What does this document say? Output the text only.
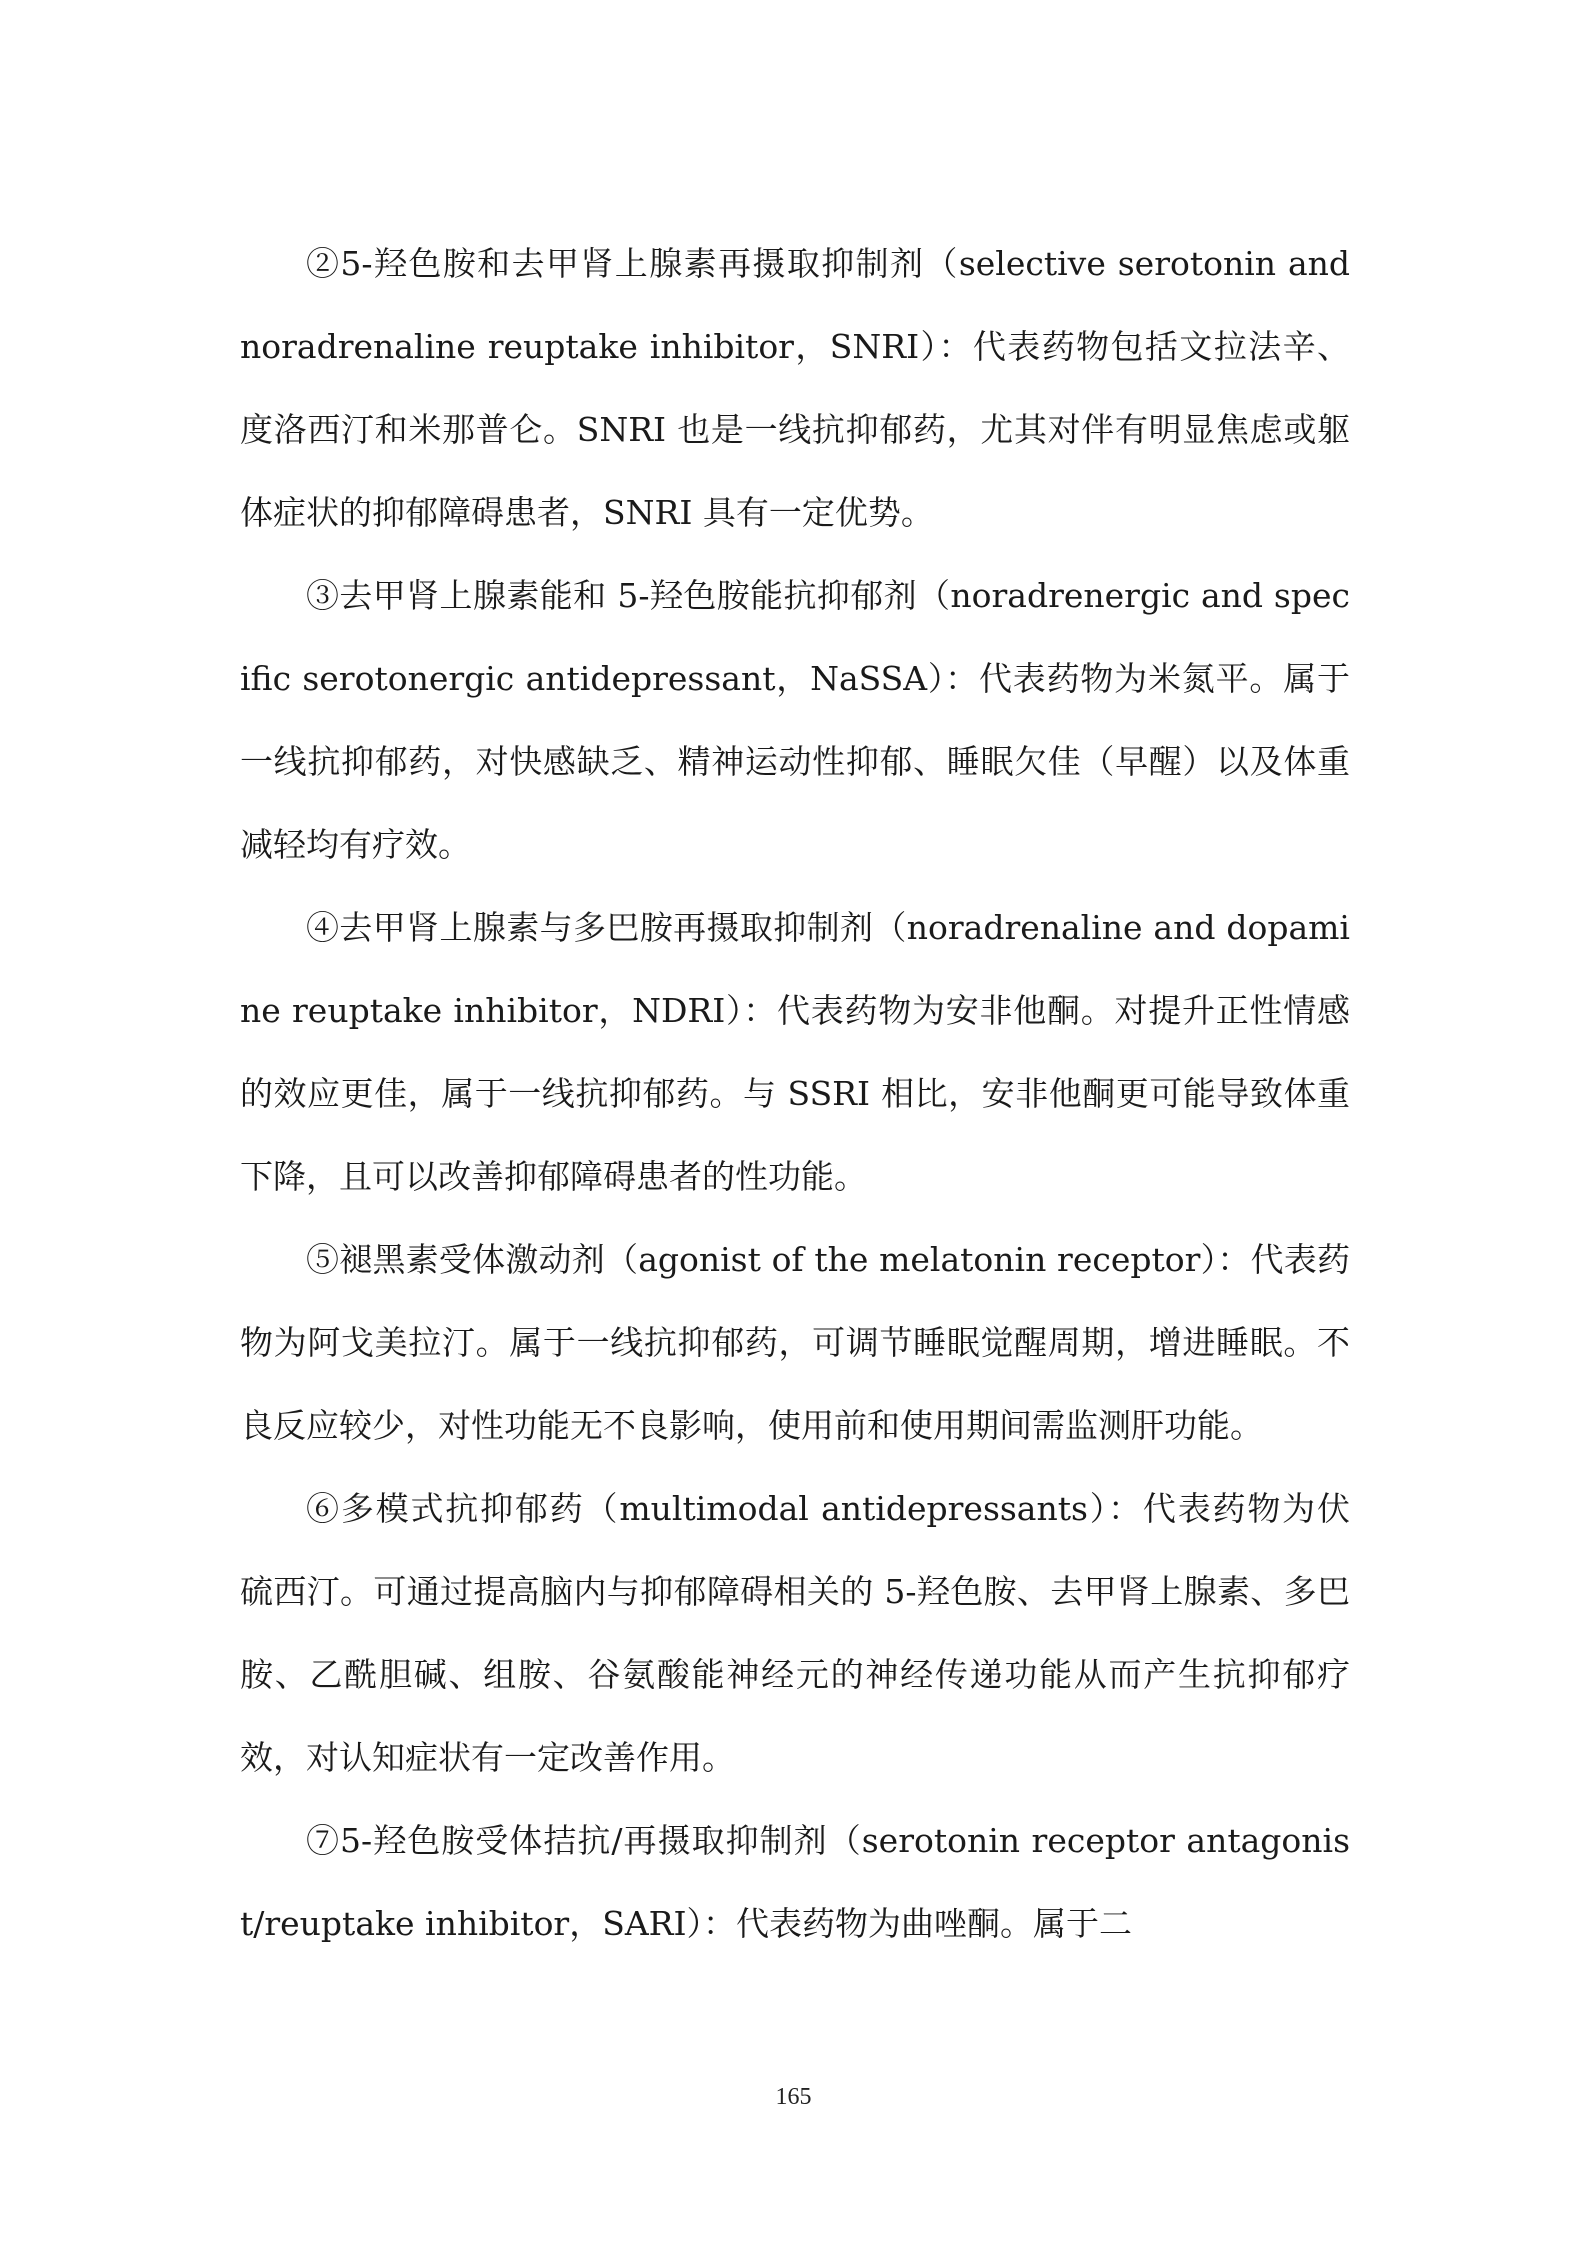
②5-羟色胺和去甲肾上腺素再摄取抑制剂（selective serotonin and noradrenaline reuptake inhibitor，SNRI）：代表药物包括文拉法辛、度洛西汀和米那普仑。SNRI 也是一线抗抑郁药，尤其对伴有明显焦虑或躯体症状的抑郁障碍患者，SNRI 具有一定优势。

③去甲肾上腺素能和 5-羟色胺能抗抑郁剂（noradrenergic and specific serotonergic antidepressant，NaSSA）：代表药物为米氮平。属于一线抗抑郁药，对快感缺乏、精神运动性抑郁、睡眠欠佳（早醒）以及体重减轻均有疗效。

④去甲肾上腺素与多巴胺再摄取抑制剂（noradrenaline and dopamine reuptake inhibitor，NDRI）：代表药物为安非他酮。对提升正性情感的效应更佳，属于一线抗抑郁药。与 SSRI 相比，安非他酮更可能导致体重下降，且可以改善抑郁障碍患者的性功能。

⑤褪黑素受体激动剂（agonist of the melatonin receptor）：代表药物为阿戈美拉汀。属于一线抗抑郁药，可调节睡眠觉醒周期，增进睡眠。不良反应较少，对性功能无不良影响，使用前和使用期间需监测肝功能。

⑥多模式抗抑郁药（multimodal antidepressants）：代表药物为伏硫西汀。可通过提高脑内与抑郁障碍相关的 5-羟色胺、去甲肾上腺素、多巴胺、乙酰胆碱、组胺、谷氨酸能神经元的神经传递功能从而产生抗抑郁疗效，对认知症状有一定改善作用。

⑦5-羟色胺受体拮抗/再摄取抑制剂（serotonin receptor antagonist/reuptake inhibitor，SARI）：代表药物为曲唑酮。属于二

165
